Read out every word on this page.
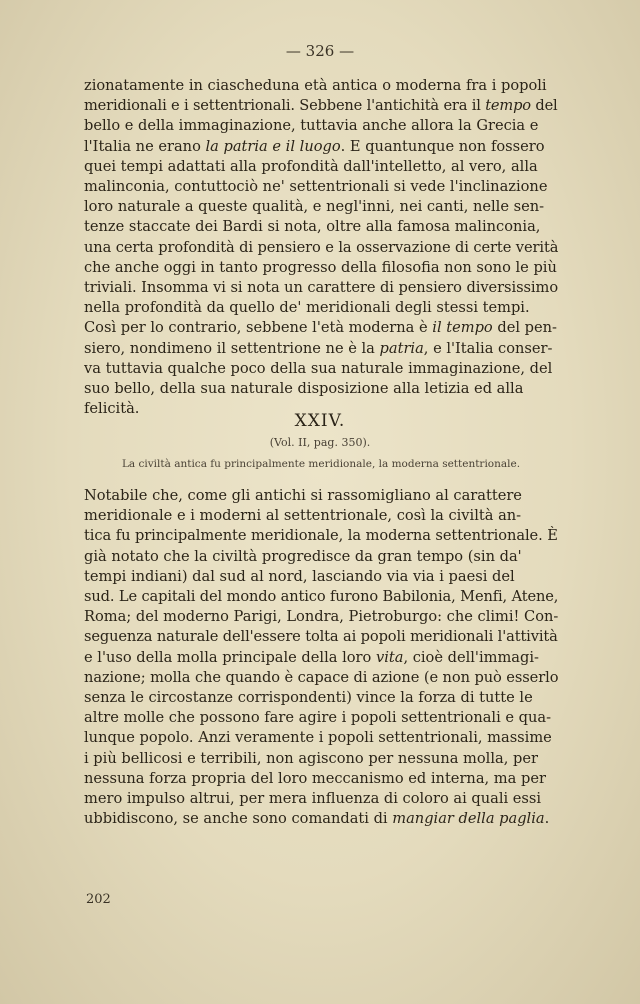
— 326 —
zionatamente in ciascheduna età antica o moderna fra i popoli
meridionali e i settentrionali. Sebbene l'antichità era il tempo del
bello e della immaginazione, tuttavia anche allora la Grecia e
l'Italia ne erano la patria e il luogo. E quantunque non fossero
quei tempi adattati alla profondità dall'intelletto, al vero, alla
malinconia, contuttociò ne' settentrionali si vede l'inclinazione
loro naturale a queste qualità, e negl'inni, nei canti, nelle sen-
tenze staccate dei Bardi si nota, oltre alla famosa malinconia,
una certa profondità di pensiero e la osservazione di certe verità
che anche oggi in tanto progresso della filosofia non sono le più
triviali. Insomma vi si nota un carattere di pensiero diversissimo
nella profondità da quello de' meridionali degli stessi tempi.
Così per lo contrario, sebbene l'età moderna è il tempo del pen-
siero, nondimeno il settentrione ne è la patria, e l'Italia conser-
va tuttavia qualche poco della sua naturale immaginazione, del
suo bello, della sua naturale disposizione alla letizia ed alla
felicità.
XXIV.
(Vol. II, pag. 350).
La civiltà antica fu principalmente meridionale, la moderna settentrionale.
Notabile che, come gli antichi si rassomigliano al carattere
meridionale e i moderni al settentrionale, così la civiltà an-
tica fu principalmente meridionale, la moderna settentrionale. È
già notato che la civiltà progredisce da gran tempo (sin da'
tempi indiani) dal sud al nord, lasciando via via i paesi del
sud. Le capitali del mondo antico furono Babilonia, Menfi, Atene,
Roma; del moderno Parigi, Londra, Pietroburgo: che climi! Con-
seguenza naturale dell'essere tolta ai popoli meridionali l'attività
e l'uso della molla principale della loro vita, cioè dell'immagi-
nazione; molla che quando è capace di azione (e non può esserlo
senza le circostanze corrispondenti) vince la forza di tutte le
altre molle che possono fare agire i popoli settentrionali e qua-
lunque popolo. Anzi veramente i popoli settentrionali, massime
i più bellicosi e terribili, non agiscono per nessuna molla, per
nessuna forza propria del loro meccanismo ed interna, ma per
mero impulso altrui, per mera influenza di coloro ai quali essi
ubbidiscono, se anche sono comandati di mangiar della paglia.
202
